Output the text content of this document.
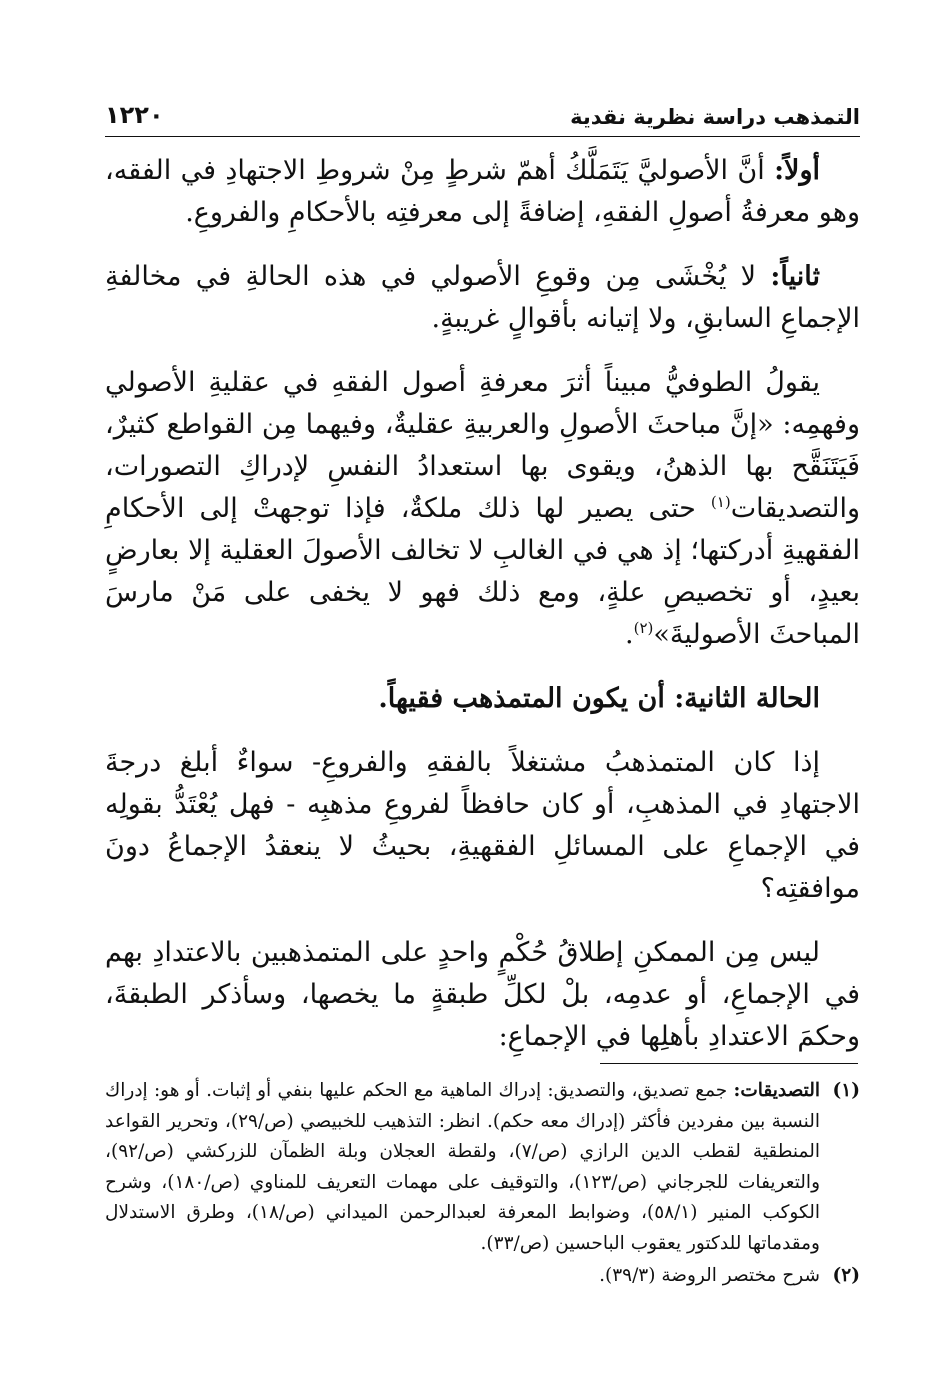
التمذهب دراسة نظرية نقدية
١٢٢٠

أولاً: أنَّ الأصوليَّ يَتَمَلَّكُ أهمّ شرطٍ مِنْ شروطِ الاجتهادِ في الفقه، وهو معرفةُ أصولِ الفقهِ، إضافةً إلى معرفتِه بالأحكامِ والفروعِ.

ثانياً: لا يُخْشَى مِن وقوعِ الأصولي في هذه الحالةِ في مخالفةِ الإجماعِ السابقِ، ولا إتيانه بأقوالٍ غريبةٍ.

يقولُ الطوفيُّ مبيناً أثرَ معرفةِ أصول الفقهِ في عقليةِ الأصولي وفهمِه: «إنَّ مباحثَ الأصولِ والعربيةِ عقليةٌ، وفيهما مِن القواطع كثيرٌ، فَيَتَنَقَّح بها الذهنُ، ويقوى بها استعدادُ النفسِ لإدراكِ التصورات، والتصديقات$^{(١)}$ حتى يصير لها ذلك ملكةٌ، فإذا توجهتْ إلى الأحكامِ الفقهيةِ أدركتها؛ إذ هي في الغالبِ لا تخالف الأصولَ العقلية إلا بعارضٍ بعيدٍ، أو تخصيصِ علةٍ، ومع ذلك فهو لا يخفى على مَنْ مارسَ المباحثَ الأصوليةَ»$^{(٢)}$.

الحالة الثانية: أن يكون المتمذهب فقيهاً.

إذا كان المتمذهبُ مشتغلاً بالفقهِ والفروعِ- سواءٌ أبلغ درجةَ الاجتهادِ في المذهبِ، أو كان حافظاً لفروعِ مذهبِه - فهل يُعْتَدُّ بقولِه في الإجماعِ على المسائلِ الفقهيةِ، بحيثُ لا ينعقدُ الإجماعُ دونَ موافقتِه؟

ليس مِن الممكنِ إطلاقُ حُكْمٍ واحدٍ على المتمذهبين بالاعتدادِ بهم في الإجماعِ، أو عدمِه، بلْ لكلِّ طبقةٍ ما يخصها، وسأذكر الطبقةَ، وحكمَ الاعتدادِ بأهلِها في الإجماعِ:

(١)
التصديقات: جمع تصديق، والتصديق: إدراك الماهية مع الحكم عليها بنفي أو إثبات. أو هو: إدراك النسبة بين مفردين فأكثر (إدراك معه حكم). انظر: التذهيب للخبيصي (ص/٢٩)، وتحرير القواعد المنطقية لقطب الدين الرازي (ص/٧)، ولقطة العجلان وبلة الظمآن للزركشي (ص/٩٢)، والتعريفات للجرجاني (ص/١٢٣)، والتوقيف على مهمات التعريف للمناوي (ص/١٨٠)، وشرح الكوكب المنير (٥٨/١)، وضوابط المعرفة لعبدالرحمن الميداني (ص/١٨)، وطرق الاستدلال ومقدماتها للدكتور يعقوب الباحسين (ص/٣٣).
(٢)
شرح مختصر الروضة (٣٩/٣).
